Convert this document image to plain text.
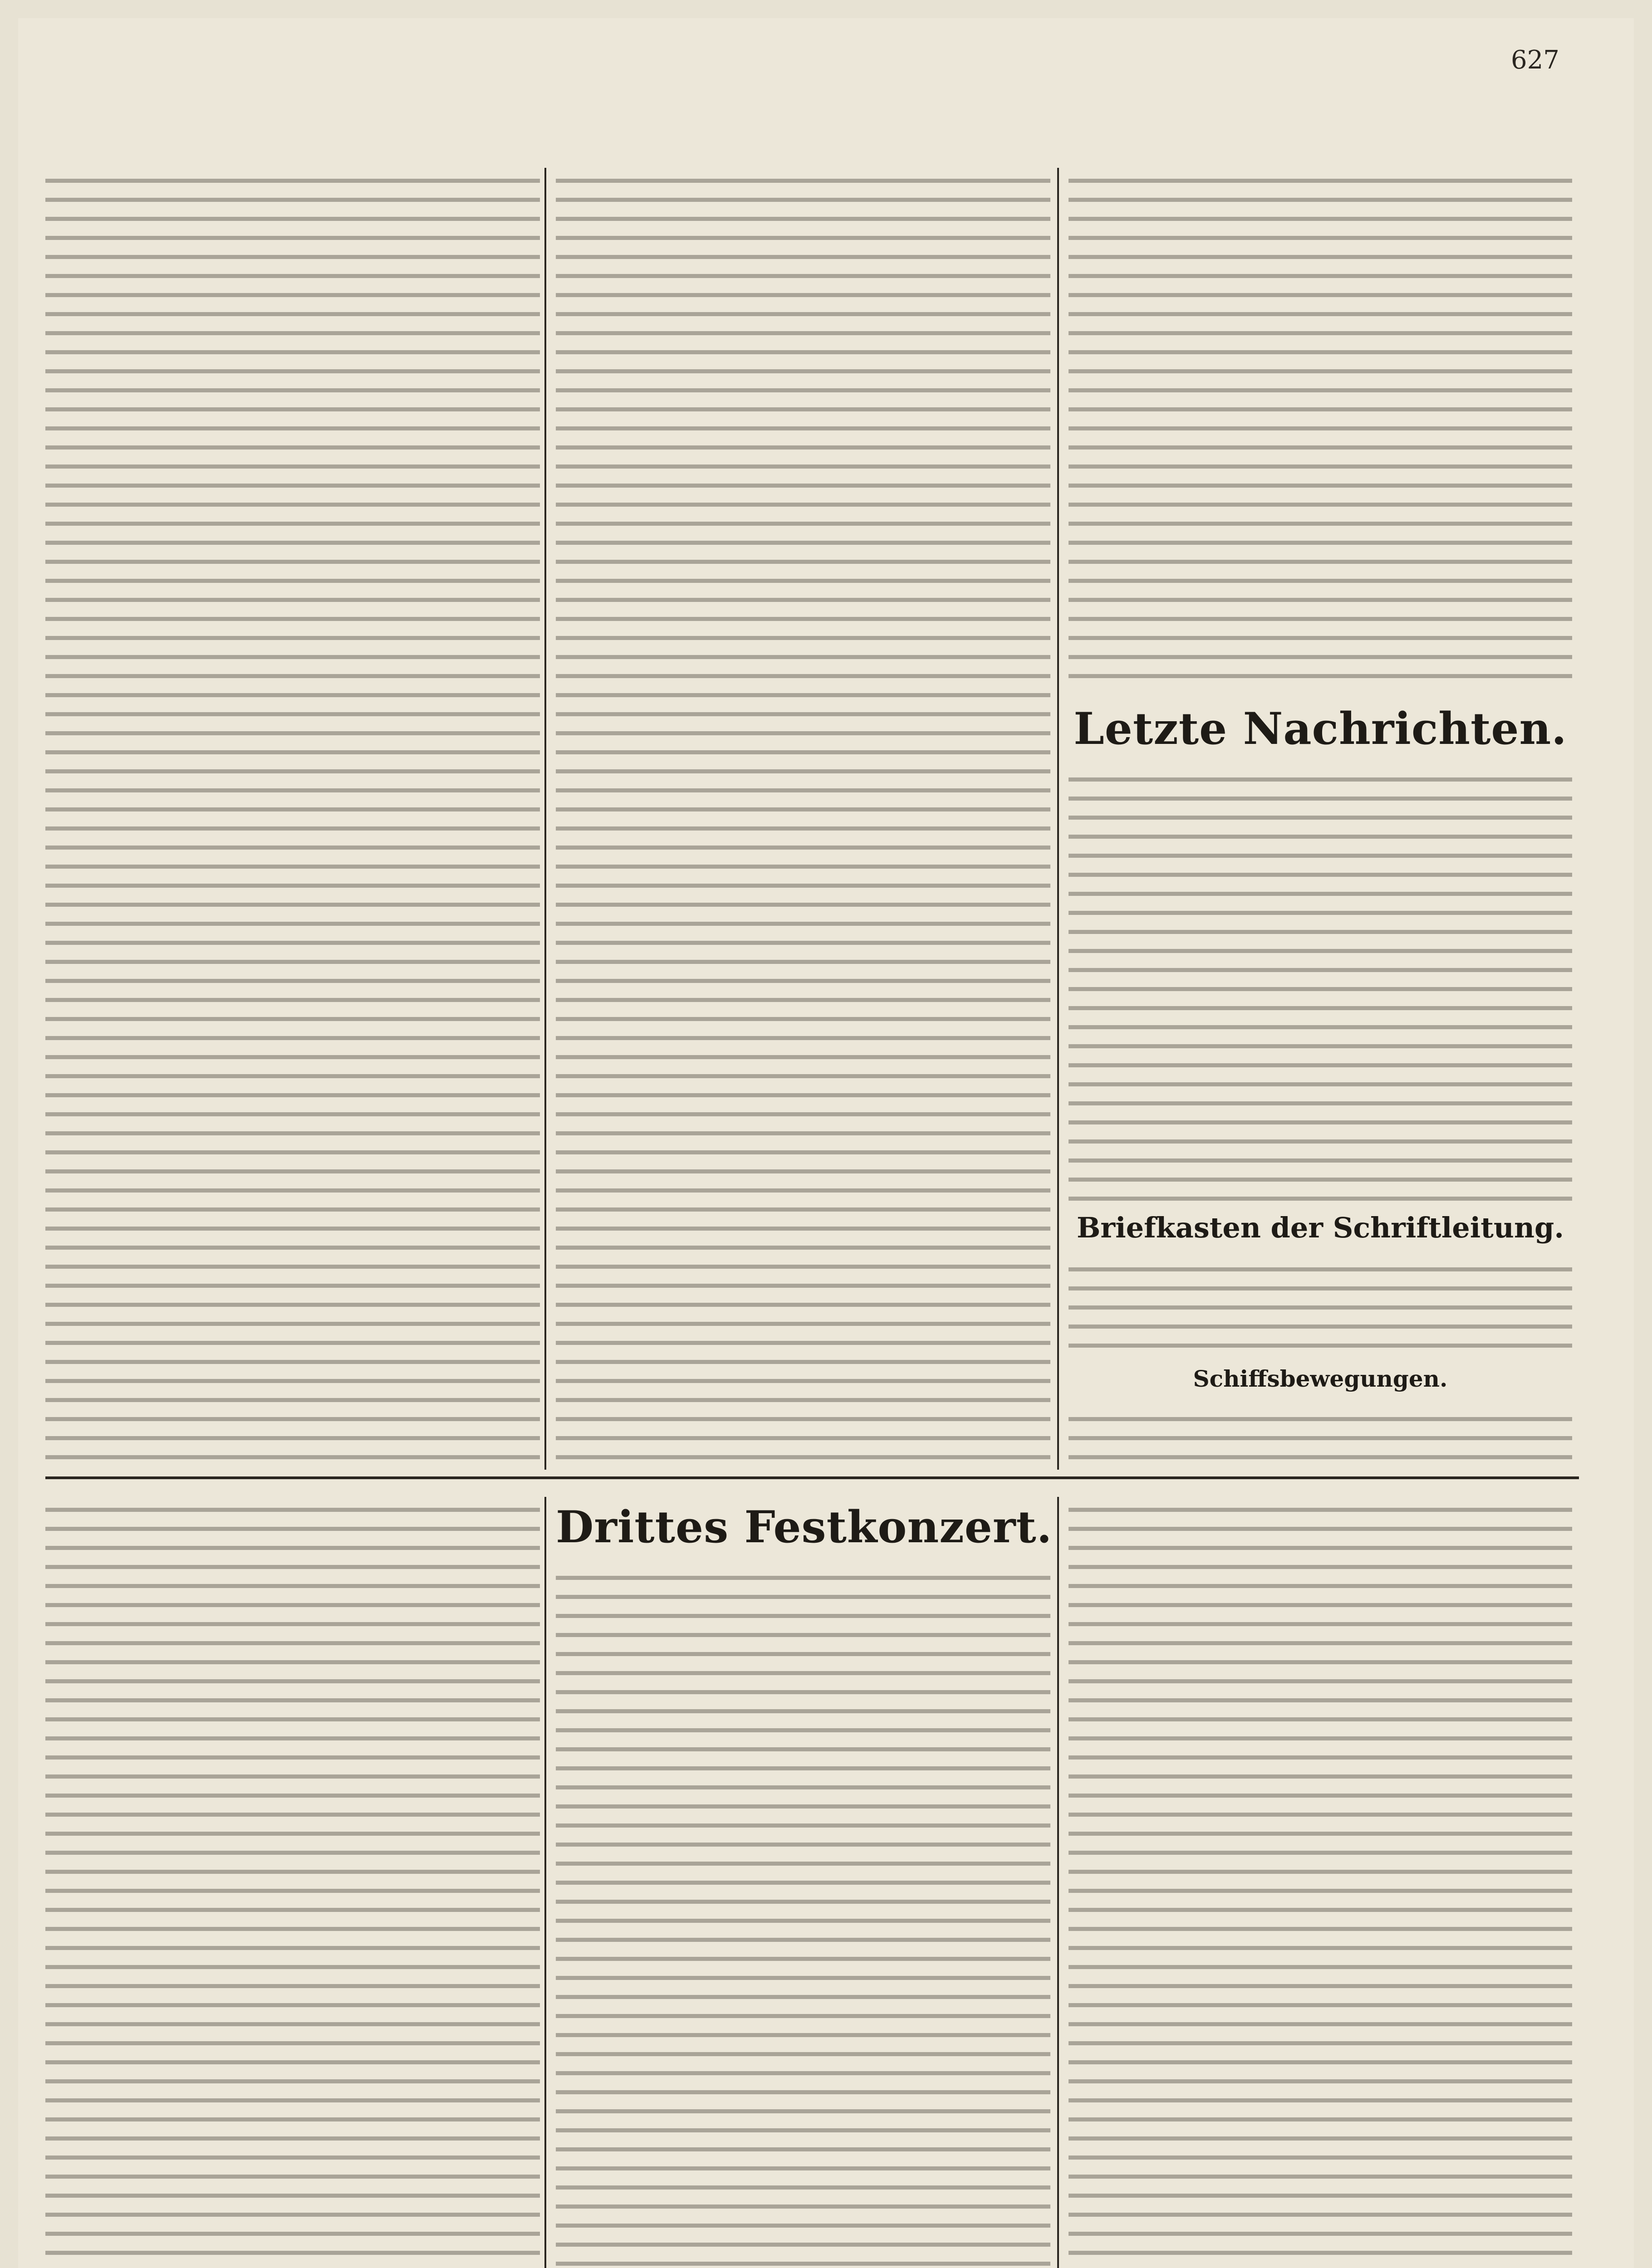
627
Letzte Nachrichten.
Briefkasten der Schriftleitung.
Schiffsbewegungen.
Drittes Festkonzert.
